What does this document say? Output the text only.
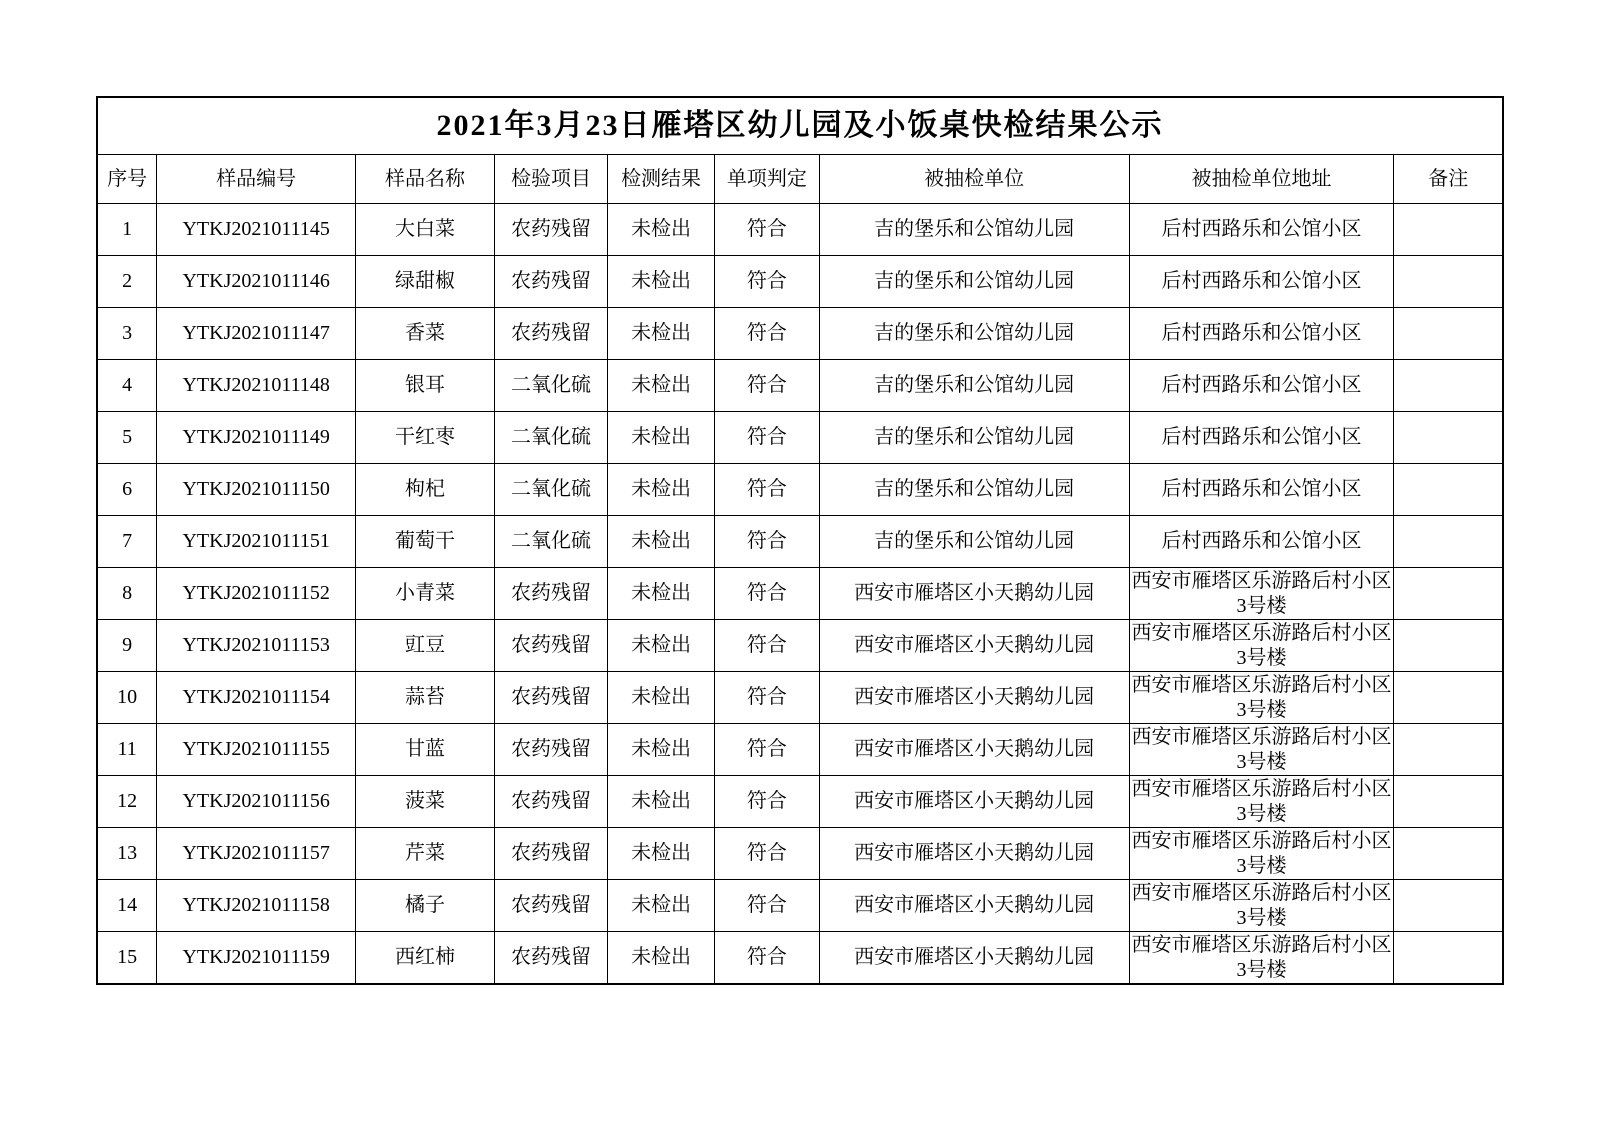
2021年3月23日雁塔区幼儿园及小饭桌快检结果公示								
序号	样品编号	样品名称	检验项目	检测结果	单项判定	被抽检单位	被抽检单位地址	备注
1	YTKJ2021011145	大白菜	农药残留	未检出	符合	吉的堡乐和公馆幼儿园	后村西路乐和公馆小区	
2	YTKJ2021011146	绿甜椒	农药残留	未检出	符合	吉的堡乐和公馆幼儿园	后村西路乐和公馆小区	
3	YTKJ2021011147	香菜	农药残留	未检出	符合	吉的堡乐和公馆幼儿园	后村西路乐和公馆小区	
4	YTKJ2021011148	银耳	二氧化硫	未检出	符合	吉的堡乐和公馆幼儿园	后村西路乐和公馆小区	
5	YTKJ2021011149	干红枣	二氧化硫	未检出	符合	吉的堡乐和公馆幼儿园	后村西路乐和公馆小区	
6	YTKJ2021011150	枸杞	二氧化硫	未检出	符合	吉的堡乐和公馆幼儿园	后村西路乐和公馆小区	
7	YTKJ2021011151	葡萄干	二氧化硫	未检出	符合	吉的堡乐和公馆幼儿园	后村西路乐和公馆小区	
8	YTKJ2021011152	小青菜	农药残留	未检出	符合	西安市雁塔区小天鹅幼儿园	西安市雁塔区乐游路后村小区3号楼	
9	YTKJ2021011153	豇豆	农药残留	未检出	符合	西安市雁塔区小天鹅幼儿园	西安市雁塔区乐游路后村小区3号楼	
10	YTKJ2021011154	蒜苔	农药残留	未检出	符合	西安市雁塔区小天鹅幼儿园	西安市雁塔区乐游路后村小区3号楼	
11	YTKJ2021011155	甘蓝	农药残留	未检出	符合	西安市雁塔区小天鹅幼儿园	西安市雁塔区乐游路后村小区3号楼	
12	YTKJ2021011156	菠菜	农药残留	未检出	符合	西安市雁塔区小天鹅幼儿园	西安市雁塔区乐游路后村小区3号楼	
13	YTKJ2021011157	芹菜	农药残留	未检出	符合	西安市雁塔区小天鹅幼儿园	西安市雁塔区乐游路后村小区3号楼	
14	YTKJ2021011158	橘子	农药残留	未检出	符合	西安市雁塔区小天鹅幼儿园	西安市雁塔区乐游路后村小区3号楼	
15	YTKJ2021011159	西红柿	农药残留	未检出	符合	西安市雁塔区小天鹅幼儿园	西安市雁塔区乐游路后村小区3号楼	
